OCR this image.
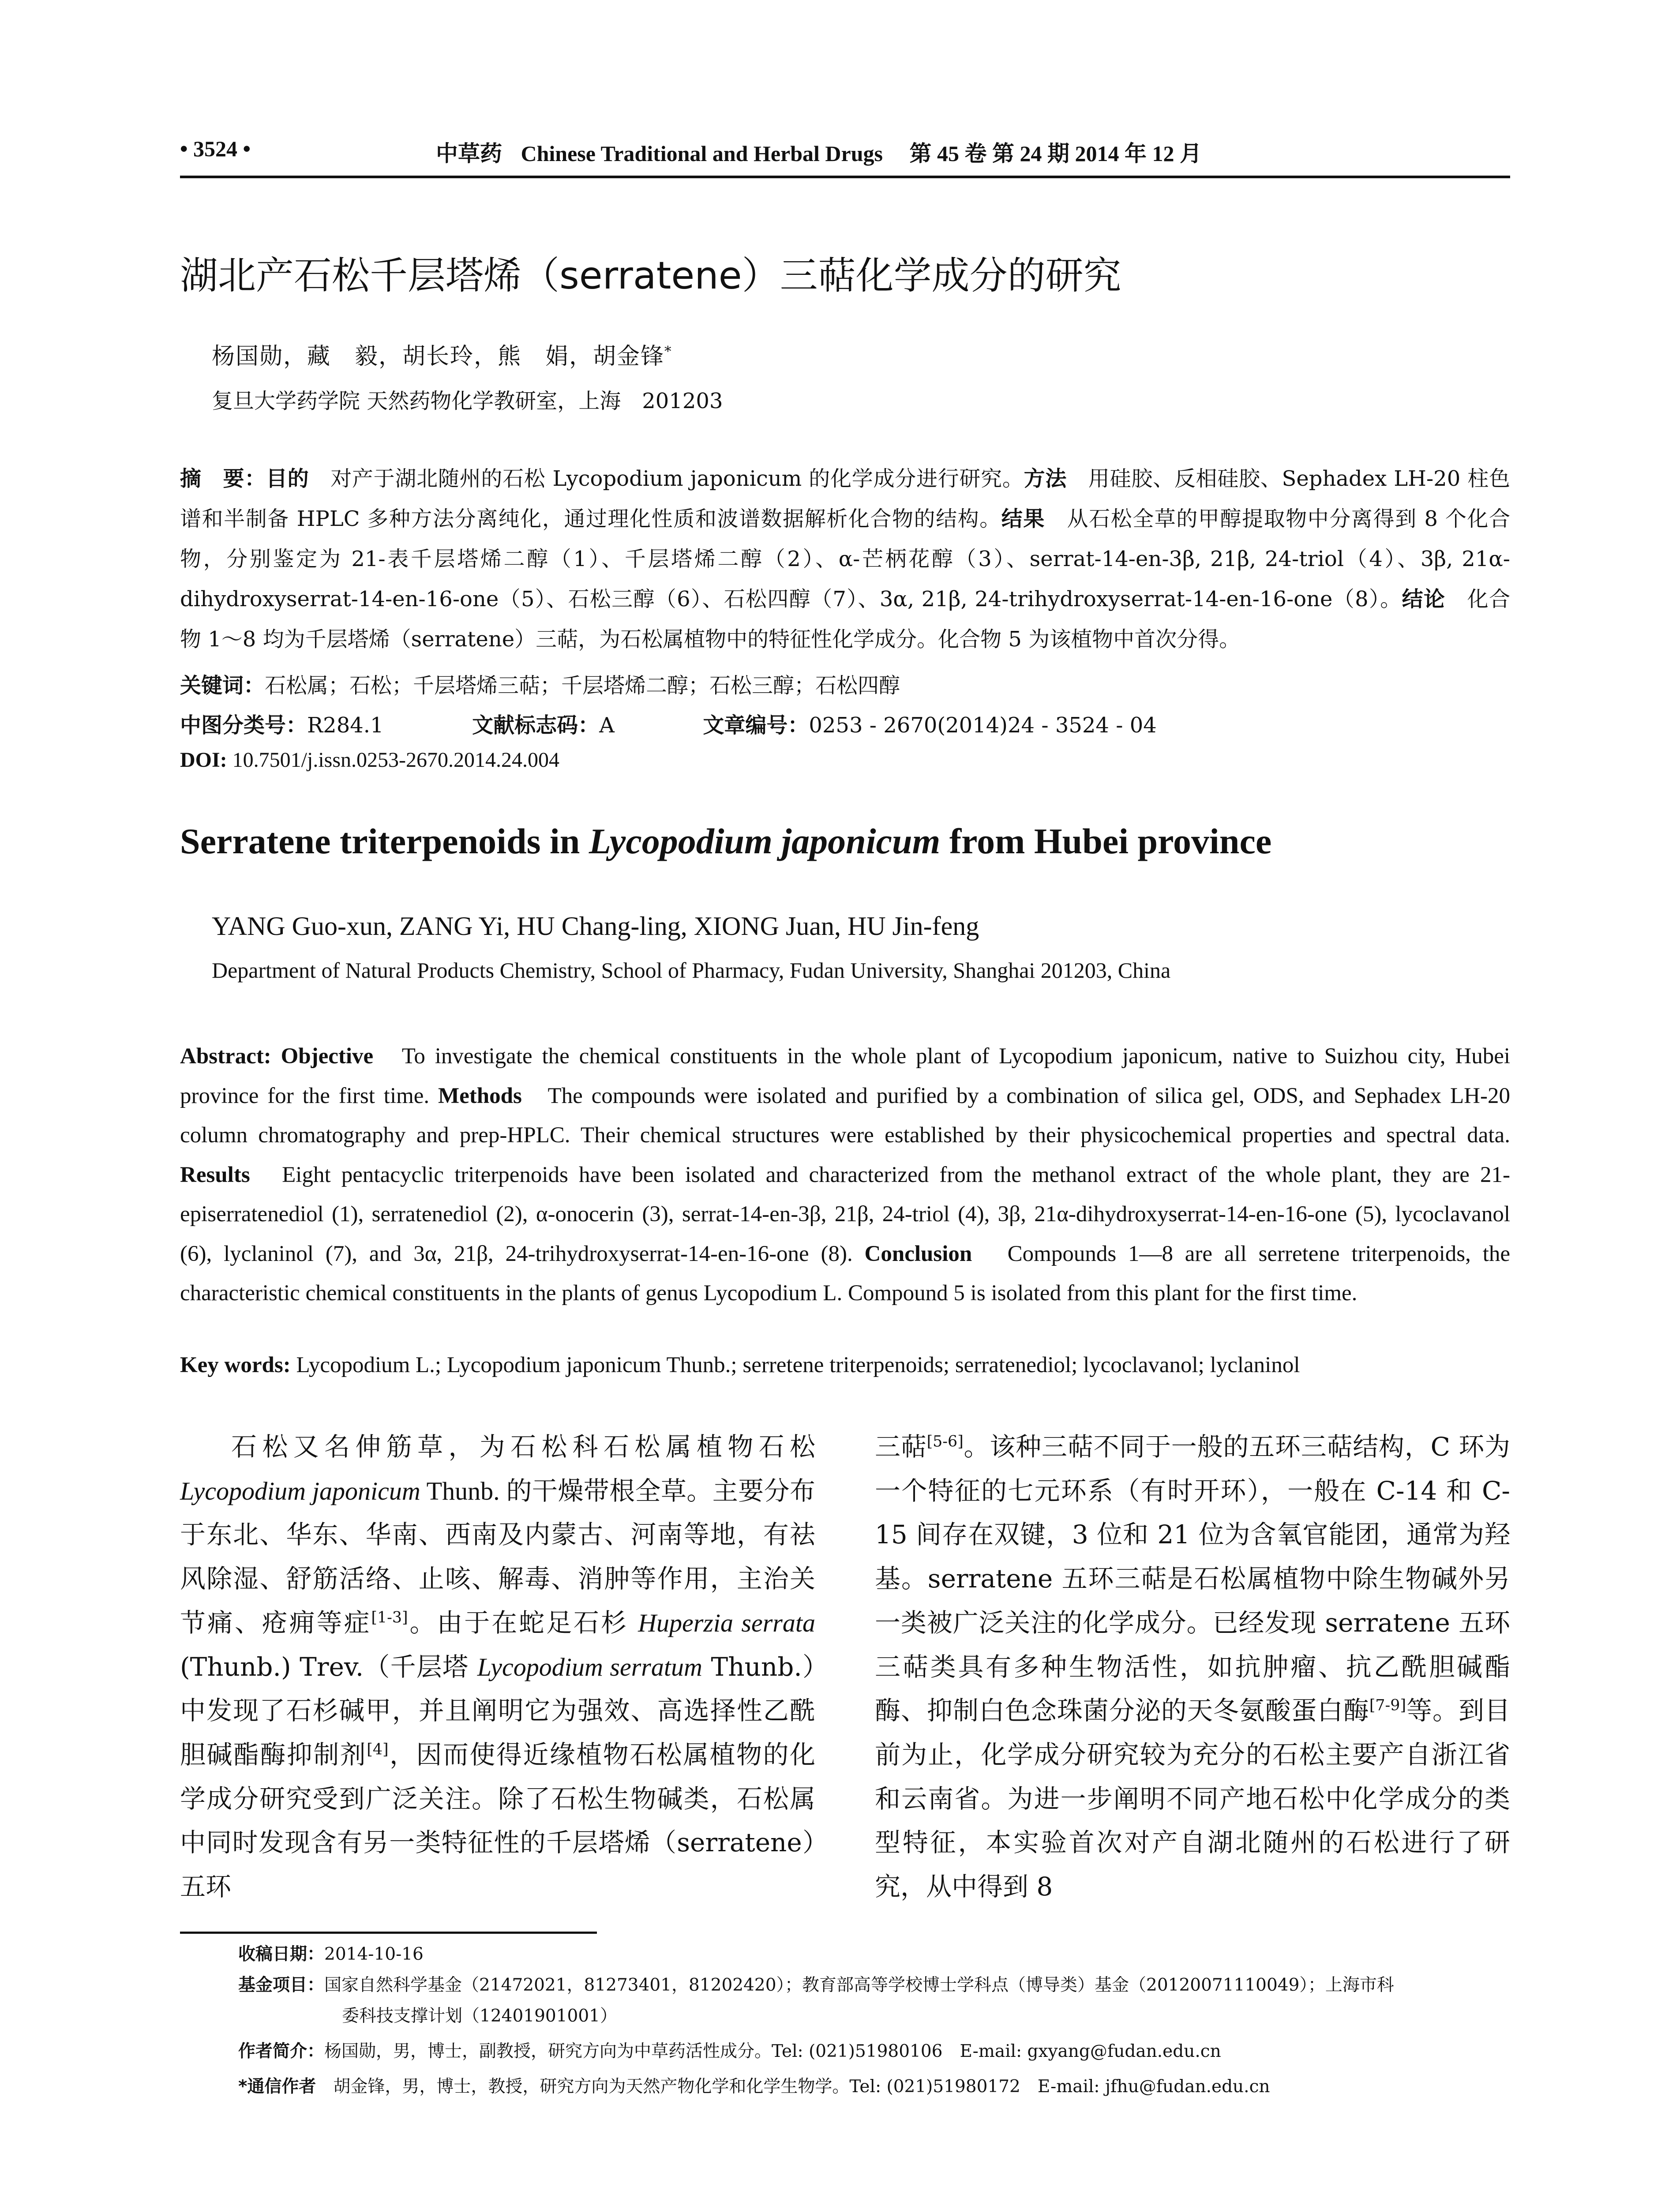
• 3524 •	中草药 Chinese Traditional and Herbal Drugs 第 45 卷 第 24 期 2014 年 12 月
湖北产石松千层塔烯（serratene）三萜化学成分的研究
杨国勋，藏　毅，胡长玲，熊　娟，胡金锋*
复旦大学药学院 天然药物化学教研室，上海　201203
摘　要：目的　 对产于湖北随州的石松 Lycopodium japonicum 的化学成分进行研究。方法　 用硅胶、反相硅胶、Sephadex LH-20 柱色谱和半制备 HPLC 多种方法分离纯化，通过理化性质和波谱数据解析化合物的结构。结果　 从石松全草的甲醇提取物中分离得到 8 个化合物，分别鉴定为 21-表千层塔烯二醇（1）、千层塔烯二醇（2）、α-芒柄花醇（3）、serrat-14-en-3β, 21β, 24-triol（4）、3β, 21α-dihydroxyserrat-14-en-16-one（5）、石松三醇（6）、石松四醇（7）、3α, 21β, 24-trihydroxyserrat-14-en-16-one（8）。结论　 化合物 1～8 均为千层塔烯（serratene）三萜，为石松属植物中的特征性化学成分。化合物 5 为该植物中首次分得。
关键词：石松属；石松；千层塔烯三萜；千层塔烯二醇；石松三醇；石松四醇
中图分类号：R284.1	文献标志码：A	文章编号：0253 - 2670(2014)24 - 3524 - 04
DOI: 10.7501/j.issn.0253-2670.2014.24.004
Serratene triterpenoids in Lycopodium japonicum from Hubei province
YANG Guo-xun, ZANG Yi, HU Chang-ling, XIONG Juan, HU Jin-feng
Department of Natural Products Chemistry, School of Pharmacy, Fudan University, Shanghai 201203, China
Abstract: Objective To investigate the chemical constituents in the whole plant of Lycopodium japonicum, native to Suizhou city, Hubei province for the first time. Methods The compounds were isolated and purified by a combination of silica gel, ODS, and Sephadex LH-20 column chromatography and prep-HPLC. Their chemical structures were established by their physicochemical properties and spectral data. Results Eight pentacyclic triterpenoids have been isolated and characterized from the methanol extract of the whole plant, they are 21-episerratenediol (1), serratenediol (2), α-onocerin (3), serrat-14-en-3β, 21β, 24-triol (4), 3β, 21α-dihydroxyserrat-14-en-16-one (5), lycoclavanol (6), lyclaninol (7), and 3α, 21β, 24-trihydroxyserrat-14-en-16-one (8). Conclusion Compounds 1—8 are all serretene triterpenoids, the characteristic chemical constituents in the plants of genus Lycopodium L. Compound 5 is isolated from this plant for the first time.
Key words: Lycopodium L.; Lycopodium japonicum Thunb.; serretene triterpenoids; serratenediol; lycoclavanol; lyclaninol

石松又名伸筋草，为石松科石松属植物石松 Lycopodium japonicum Thunb. 的干燥带根全草。主要分布于东北、华东、华南、西南及内蒙古、河南等地，有祛风除湿、舒筋活络、止咳、解毒、消肿等作用，主治关节痛、疮痈等症[1-3]。由于在蛇足石杉 Huperzia serrata (Thunb.) Trev.（千层塔 Lycopodium serratum Thunb.）中发现了石杉碱甲，并且阐明它为强效、高选择性乙酰胆碱酯酶抑制剂[4]，因而使得近缘植物石松属植物的化学成分研究受到广泛关注。除了石松生物碱类，石松属中同时发现含有另一类特征性的千层塔烯（serratene）五环

三萜[5-6]。该种三萜不同于一般的五环三萜结构，C 环为一个特征的七元环系（有时开环），一般在 C-14 和 C-15 间存在双键，3 位和 21 位为含氧官能团，通常为羟基。serratene 五环三萜是石松属植物中除生物碱外另一类被广泛关注的化学成分。已经发现 serratene 五环三萜类具有多种生物活性，如抗肿瘤、抗乙酰胆碱酯酶、抑制白色念珠菌分泌的天冬氨酸蛋白酶[7-9]等。到目前为止，化学成分研究较为充分的石松主要产自浙江省和云南省。为进一步阐明不同产地石松中化学成分的类型特征，本实验首次对产自湖北随州的石松进行了研究，从中得到 8

收稿日期：2014-10-16
基金项目：国家自然科学基金（21472021，81273401，81202420）；教育部高等学校博士学科点（博导类）基金（20120071110049）；上海市科
委科技支撑计划（12401901001）
作者简介：杨国勋，男，博士，副教授，研究方向为中草药活性成分。Tel: (021)51980106　E-mail: gxyang@fudan.edu.cn
*通信作者　 胡金锋，男，博士，教授，研究方向为天然产物化学和化学生物学。Tel: (021)51980172　E-mail: jfhu@fudan.edu.cn
